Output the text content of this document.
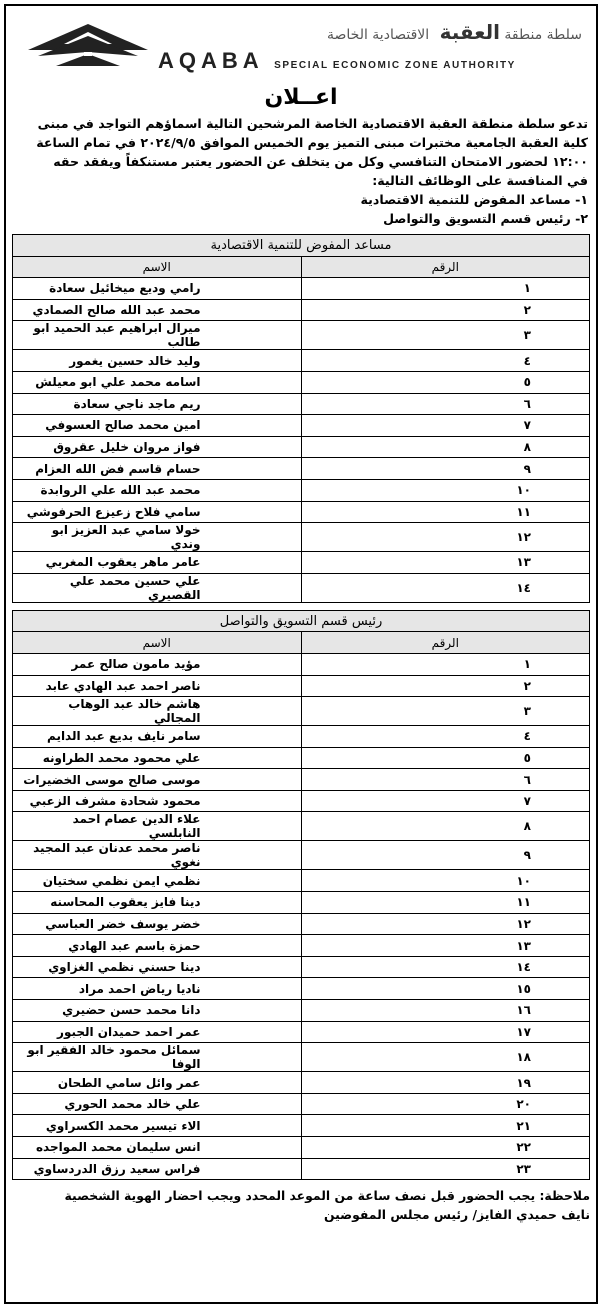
سلطة منطقة العقبة الاقتصادية الخاصة
AQABA SPECIAL ECONOMIC ZONE AUTHORITY
اعــلان

تدعو سلطة منطقة العقبة الاقتصادية الخاصة المرشحين التالية اسماؤهم التواجد في مبنى

كلية العقبة الجامعية مختبرات مبنى التميز يوم الخميس الموافق ٢٠٢٤/٩/٥ في تمام الساعة

١٢:٠٠ لحضور الامتحان التنافسي وكل من يتخلف عن الحضور يعتبر مستنكفاً ويفقد حقه

في المنافسة على الوظائف التالية:

١- مساعد المفوض للتنمية الاقتصادية

٢- رئيس قسم التسويق والتواصل

مساعد المفوض للتنمية الاقتصادية	
الرقم	الاسم
١	رامي وديع ميخائيل سعادة
٢	محمد عبد الله صالح الصمادي
٣	ميرال ابراهيم عبد الحميد ابو طالب
٤	وليد خالد حسين يغمور
٥	اسامه محمد علي ابو معيلش
٦	ريم ماجد ناجي سعادة
٧	امين محمد صالح العسوفي
٨	فواز مروان خليل عقروق
٩	حسام قاسم فض الله العزام
١٠	محمد عبد الله علي الروابدة
١١	سامي فلاح زعيزع الحرفوشي
١٢	خولا سامي عبد العزيز ابو وندي
١٣	عامر ماهر يعقوب المغربي
١٤	علي حسين محمد علي القصيري

رئيس قسم التسويق والتواصل	
الرقم	الاسم
١	مؤيد مامون صالح عمر
٢	ناصر احمد عبد الهادي عابد
٣	هاشم خالد عبد الوهاب المجالي
٤	سامر نايف بديع عبد الدايم
٥	علي محمود محمد الطراونه
٦	موسى صالح موسى الخضيرات
٧	محمود شحادة مشرف الزعبي
٨	علاء الدين عصام احمد النابلسي
٩	ناصر محمد عدنان عبد المجيد نغوي
١٠	نظمي ايمن نظمي سختيان
١١	دينا فايز يعقوب المحاسنه
١٢	خضر يوسف خضر العباسي
١٣	حمزة باسم عبد الهادي
١٤	دينا حسني نظمي الغزاوي
١٥	ناديا رياض احمد مراد
١٦	دانا محمد حسن حضيري
١٧	عمر احمد حميدان الجبور
١٨	سمائل محمود خالد الفقير ابو الوفا
١٩	عمر وائل سامي الطحان
٢٠	علي خالد محمد الحوري
٢١	الاء تيسير محمد الكسراوي
٢٢	انس سليمان محمد المواجده
٢٣	فراس سعيد رزق الدردساوي

ملاحظة: يجب الحضور قبل نصف ساعة من الموعد المحدد ويجب احضار الهوية الشخصية

نايف حميدي الفايز/ رئيس مجلس المفوضين
